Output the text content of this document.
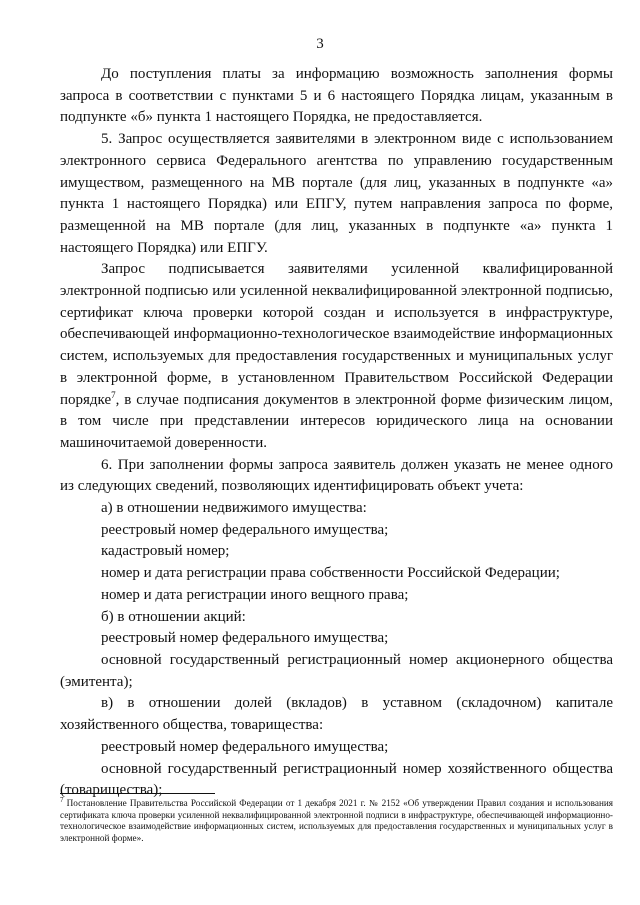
3

До поступления платы за информацию возможность заполнения формы запроса в соответствии с пунктами 5 и 6 настоящего Порядка лицам, указанным в подпункте «б» пункта 1 настоящего Порядка, не предоставляется.

5. Запрос осуществляется заявителями в электронном виде с использованием электронного сервиса Федерального агентства по управлению государственным имуществом, размещенного на МВ портале (для лиц, указанных в подпункте «а» пункта 1 настоящего Порядка) или ЕПГУ, путем направления запроса по форме, размещенной на МВ портале (для лиц, указанных в подпункте «а» пункта 1 настоящего Порядка) или ЕПГУ.

Запрос подписывается заявителями усиленной квалифицированной электронной подписью или усиленной неквалифицированной электронной подписью, сертификат ключа проверки которой создан и используется в инфраструктуре, обеспечивающей информационно-технологическое взаимодействие информационных систем, используемых для предоставления государственных и муниципальных услуг в электронной форме, в установленном Правительством Российской Федерации порядке$^7$, в случае подписания документов в электронной форме физическим лицом, в том числе при представлении интересов юридического лица на основании машиночитаемой доверенности.

6. При заполнении формы запроса заявитель должен указать не менее одного из следующих сведений, позволяющих идентифицировать объект учета:

а) в отношении недвижимого имущества:

реестровый номер федерального имущества;

кадастровый номер;

номер и дата регистрации права собственности Российской Федерации;

номер и дата регистрации иного вещного права;

б) в отношении акций:

реестровый номер федерального имущества;

основной государственный регистрационный номер акционерного общества (эмитента);

в) в отношении долей (вкладов) в уставном (складочном) капитале хозяйственного общества, товарищества:

реестровый номер федерального имущества;

основной государственный регистрационный номер хозяйственного общества (товарищества);

$^7$ Постановление Правительства Российской Федерации от 1 декабря 2021 г. № 2152 «Об утверждении Правил создания и использования сертификата ключа проверки усиленной неквалифицированной электронной подписи в инфраструктуре, обеспечивающей информационно-технологическое взаимодействие информационных систем, используемых для предоставления государственных и муниципальных услуг в электронной форме».
